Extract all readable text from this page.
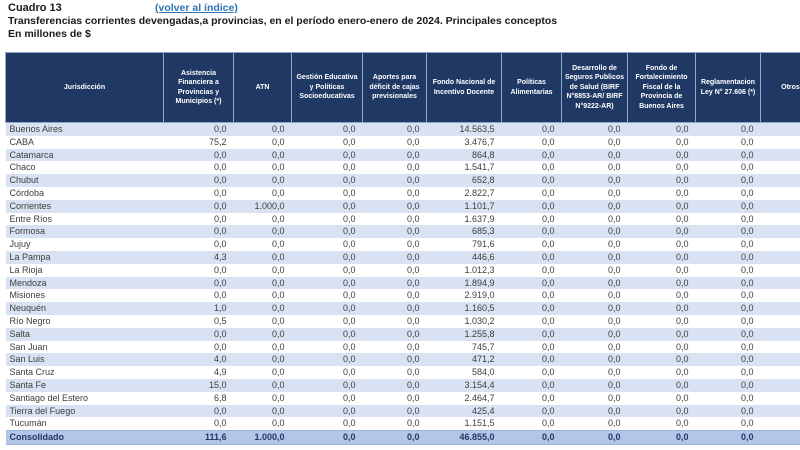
Cuadro 13	(volver al índice)
Transferencias corrientes devengadas,a provincias, en el período enero-enero de 2024. Principales conceptos
En millones de $
Jurisdicción	Asistencia Financiera a Provincias y Municipios (*)	ATN	Gestión Educativa y Políticas Socioeducativas	Aportes para déficit de cajas previsionales	Fondo Nacional de Incentivo Docente	Políticas Alimentarias	Desarrollo de Seguros Publicos de Salud (BIRF N°8853-AR/ BIRF N°9222-AR)	Fondo de Fortalecimiento Fiscal de la Provincia de Buenos Aires	Reglamentacion Ley N° 27.606 (*)	Otros
Buenos Aires	0,0	0,0	0,0	0,0	14.563,5	0,0	0,0	0,0	0,0	
CABA	75,2	0,0	0,0	0,0	3.476,7	0,0	0,0	0,0	0,0	
Catamarca	0,0	0,0	0,0	0,0	864,8	0,0	0,0	0,0	0,0	
Chaco	0,0	0,0	0,0	0,0	1.541,7	0,0	0,0	0,0	0,0	
Chubut	0,0	0,0	0,0	0,0	652,8	0,0	0,0	0,0	0,0	
Córdoba	0,0	0,0	0,0	0,0	2.822,7	0,0	0,0	0,0	0,0	
Corrientes	0,0	1.000,0	0,0	0,0	1.101,7	0,0	0,0	0,0	0,0	
Entre Ríos	0,0	0,0	0,0	0,0	1.637,9	0,0	0,0	0,0	0,0	
Formosa	0,0	0,0	0,0	0,0	685,3	0,0	0,0	0,0	0,0	
Jujuy	0,0	0,0	0,0	0,0	791,6	0,0	0,0	0,0	0,0	
La Pampa	4,3	0,0	0,0	0,0	446,6	0,0	0,0	0,0	0,0	
La Rioja	0,0	0,0	0,0	0,0	1.012,3	0,0	0,0	0,0	0,0	
Mendoza	0,0	0,0	0,0	0,0	1.894,9	0,0	0,0	0,0	0,0	
Misiones	0,0	0,0	0,0	0,0	2.919,0	0,0	0,0	0,0	0,0	
Neuquén	1,0	0,0	0,0	0,0	1.160,5	0,0	0,0	0,0	0,0	
Río Negro	0,5	0,0	0,0	0,0	1.030,2	0,0	0,0	0,0	0,0	
Salta	0,0	0,0	0,0	0,0	1.255,8	0,0	0,0	0,0	0,0	
San Juan	0,0	0,0	0,0	0,0	745,7	0,0	0,0	0,0	0,0	
San Luis	4,0	0,0	0,0	0,0	471,2	0,0	0,0	0,0	0,0	
Santa Cruz	4,9	0,0	0,0	0,0	584,0	0,0	0,0	0,0	0,0	
Santa Fe	15,0	0,0	0,0	0,0	3.154,4	0,0	0,0	0,0	0,0	
Santiago del Estero	6,8	0,0	0,0	0,0	2.464,7	0,0	0,0	0,0	0,0	
Tierra del Fuego	0,0	0,0	0,0	0,0	425,4	0,0	0,0	0,0	0,0	
Tucumán	0,0	0,0	0,0	0,0	1.151,5	0,0	0,0	0,0	0,0	
Consolidado	111,6	1.000,0	0,0	0,0	46.855,0	0,0	0,0	0,0	0,0	
